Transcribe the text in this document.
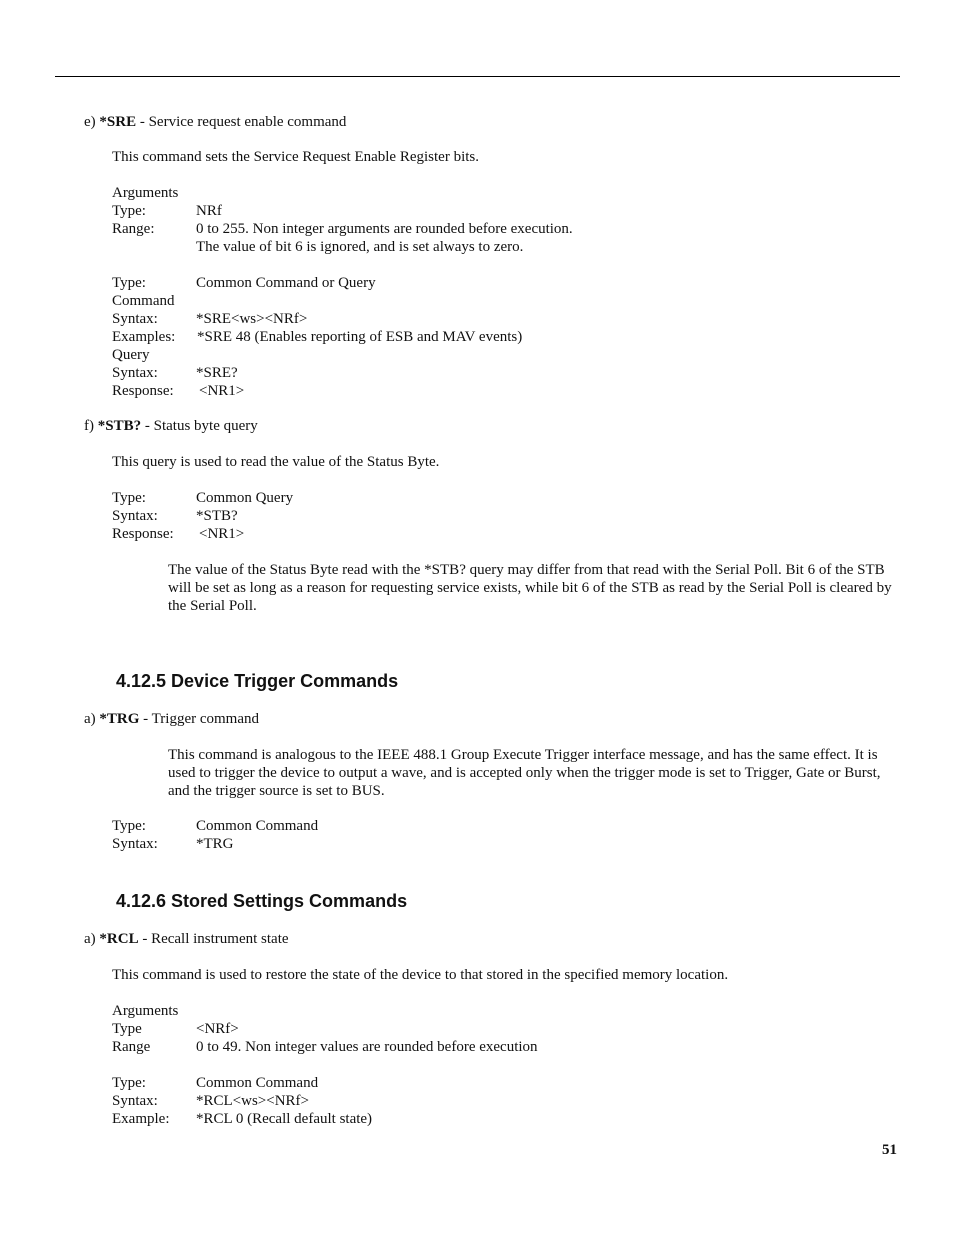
e) *SRE - Service request enable command
This command sets the Service Request Enable Register bits.
Arguments
Type:	NRf
Range:	0 to 255. Non integer arguments are rounded before execution.
The value of bit 6 is ignored, and is set always to zero.
Type:	Common Command or Query
Command
Syntax:	*SRE<ws><NRf>
Examples: *SRE 48 (Enables reporting of ESB and MAV events)
Query
Syntax:	*SRE?
Response: <NR1>
f) *STB? - Status byte query
This query is used to read the value of the Status Byte.
Type:	Common Query
Syntax:	*STB?
Response: <NR1>
The value of the Status Byte read with the *STB? query may differ from that read with the Serial Poll. Bit 6 of the STB will be set as long as a reason for requesting service exists, while bit 6 of the STB as read by the Serial Poll is cleared by the Serial Poll.
4.12.5 Device Trigger Commands
a) *TRG - Trigger command
This command is analogous to the IEEE 488.1 Group Execute Trigger interface message, and has the same effect. It is used to trigger the device to output a wave, and is accepted only when the trigger mode is set to Trigger, Gate or Burst, and the trigger source is set to BUS.
Type:	Common Command
Syntax:	*TRG
4.12.6 Stored Settings Commands
a) *RCL - Recall instrument state
This command is used to restore the state of the device to that stored in the specified memory location.
Arguments
Type	<NRf>
Range	0 to 49. Non integer values are rounded before execution
Type:	Common Command
Syntax:	*RCL<ws><NRf>
Example: *RCL 0 (Recall default state)
51
